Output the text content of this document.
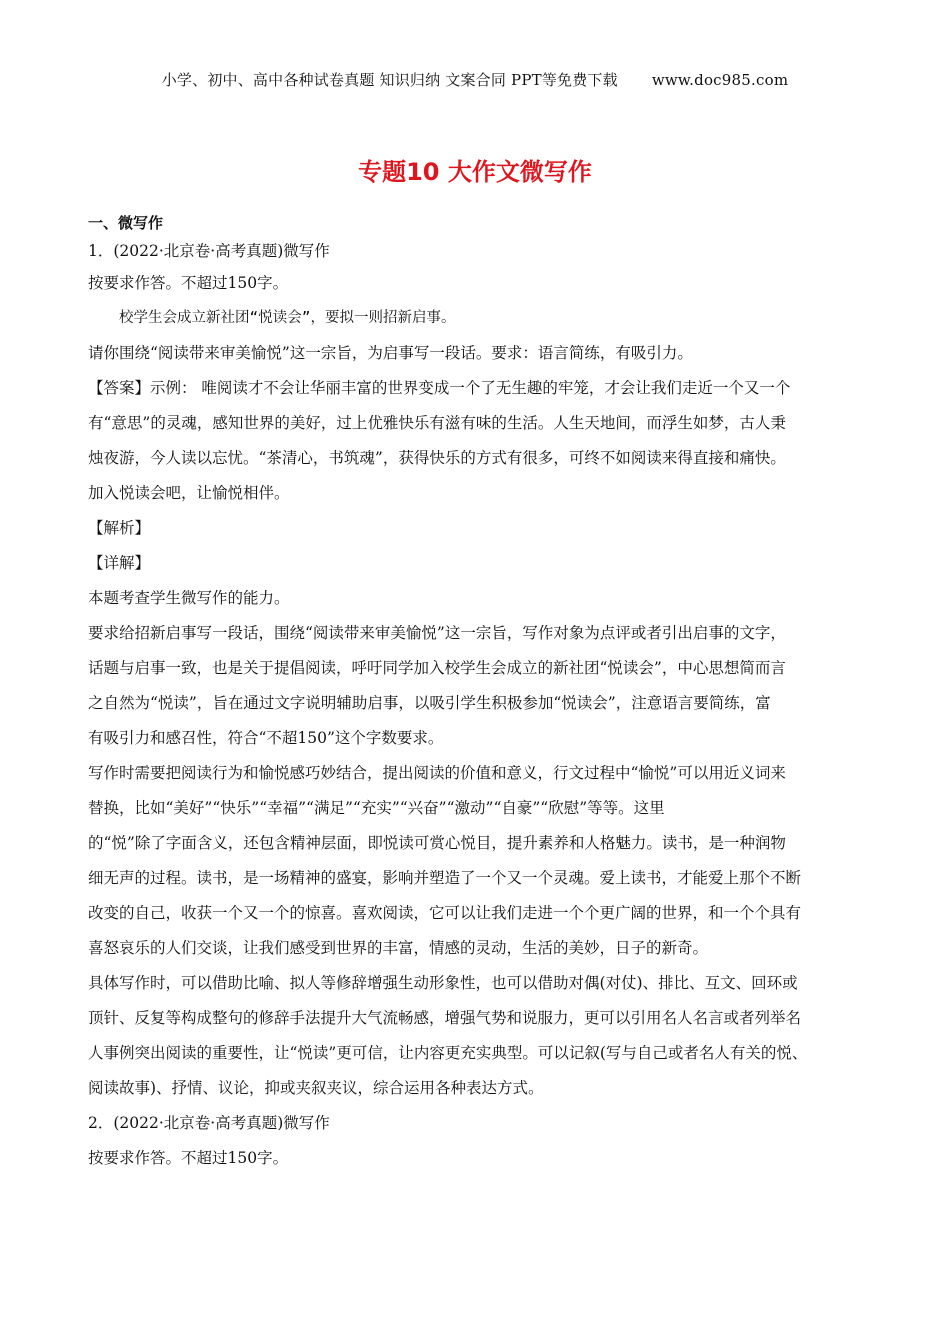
小学、初中、高中各种试卷真题 知识归纳 文案合同 PPT等免费下载 www.doc985.com
专题10 大作文微写作
一、微写作
1．(2022·北京卷·高考真题)微写作
按要求作答。不超过150字。
校学生会成立新社团“悦读会”，要拟一则招新启事。
请你围绕“阅读带来审美愉悦”这一宗旨，为启事写一段话。要求：语言简练，有吸引力。
【答案】示例： 唯阅读才不会让华丽丰富的世界变成一个了无生趣的牢笼，才会让我们走近一个又一个
有“意思”的灵魂，感知世界的美好，过上优雅快乐有滋有味的生活。人生天地间，而浮生如梦，古人秉
烛夜游，今人读以忘忧。“茶清心，书筑魂”，获得快乐的方式有很多，可终不如阅读来得直接和痛快。
加入悦读会吧，让愉悦相伴。
【解析】
【详解】
本题考查学生微写作的能力。
要求给招新启事写一段话，围绕“阅读带来审美愉悦”这一宗旨，写作对象为点评或者引出启事的文字，
话题与启事一致，也是关于提倡阅读，呼吁同学加入校学生会成立的新社团“悦读会”，中心思想简而言
之自然为“悦读”，旨在通过文字说明辅助启事，以吸引学生积极参加“悦读会”，注意语言要简练，富
有吸引力和感召性，符合“不超150”这个字数要求。
写作时需要把阅读行为和愉悦感巧妙结合，提出阅读的价值和意义，行文过程中“愉悦”可以用近义词来
替换，比如“美好”“快乐”“幸福”“满足”“充实”“兴奋”“激动”“自豪”“欣慰”等等。这里
的“悦”除了字面含义，还包含精神层面，即悦读可赏心悦目，提升素养和人格魅力。读书，是一种润物
细无声的过程。读书，是一场精神的盛宴，影响并塑造了一个又一个灵魂。爱上读书，才能爱上那个不断
改变的自己，收获一个又一个的惊喜。喜欢阅读，它可以让我们走进一个个更广阔的世界，和一个个具有
喜怒哀乐的人们交谈，让我们感受到世界的丰富，情感的灵动，生活的美妙，日子的新奇。
具体写作时，可以借助比喻、拟人等修辞增强生动形象性，也可以借助对偶(对仗)、排比、互文、回环或
顶针、反复等构成整句的修辞手法提升大气流畅感，增强气势和说服力，更可以引用名人名言或者列举名
人事例突出阅读的重要性，让“悦读”更可信，让内容更充实典型。可以记叙(写与自己或者名人有关的悦、
阅读故事)、抒情、议论，抑或夹叙夹议，综合运用各种表达方式。
2．(2022·北京卷·高考真题)微写作
按要求作答。不超过150字。
